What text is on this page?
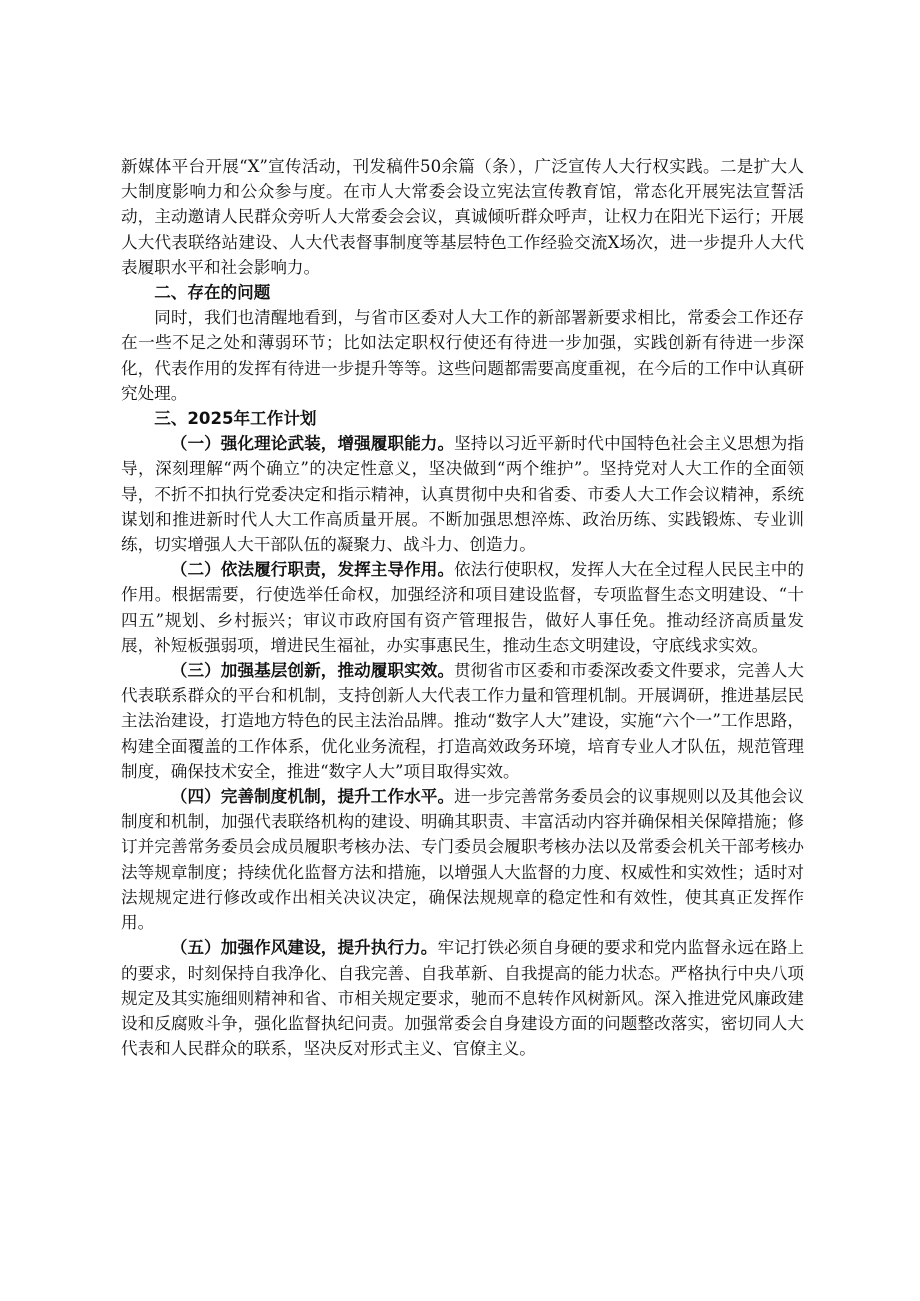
新媒体平台开展“X”宣传活动，刊发稿件50余篇（条），广泛宣传人大行权实践。二是扩大人大制度影响力和公众参与度。在市人大常委会设立宪法宣传教育馆，常态化开展宪法宣誓活动，主动邀请人民群众旁听人大常委会会议，真诚倾听群众呼声，让权力在阳光下运行；开展人大代表联络站建设、人大代表督事制度等基层特色工作经验交流X场次，进一步提升人大代表履职水平和社会影响力。

二、存在的问题

同时，我们也清醒地看到，与省市区委对人大工作的新部署新要求相比，常委会工作还存在一些不足之处和薄弱环节；比如法定职权行使还有待进一步加强，实践创新有待进一步深化，代表作用的发挥有待进一步提升等等。这些问题都需要高度重视，在今后的工作中认真研究处理。

三、2025年工作计划

（一）强化理论武装，增强履职能力。坚持以习近平新时代中国特色社会主义思想为指导，深刻理解“两个确立”的决定性意义，坚决做到“两个维护”。坚持党对人大工作的全面领导，不折不扣执行党委决定和指示精神，认真贯彻中央和省委、市委人大工作会议精神，系统谋划和推进新时代人大工作高质量开展。不断加强思想淬炼、政治历练、实践锻炼、专业训练，切实增强人大干部队伍的凝聚力、战斗力、创造力。

（二）依法履行职责，发挥主导作用。依法行使职权，发挥人大在全过程人民民主中的作用。根据需要，行使选举任命权，加强经济和项目建设监督，专项监督生态文明建设、“十四五”规划、乡村振兴；审议市政府国有资产管理报告，做好人事任免。推动经济高质量发展，补短板强弱项，增进民生福祉，办实事惠民生，推动生态文明建设，守底线求实效。

（三）加强基层创新，推动履职实效。贯彻省市区委和市委深改委文件要求，完善人大代表联系群众的平台和机制，支持创新人大代表工作力量和管理机制。开展调研，推进基层民主法治建设，打造地方特色的民主法治品牌。推动“数字人大”建设，实施“六个一”工作思路，构建全面覆盖的工作体系，优化业务流程，打造高效政务环境，培育专业人才队伍，规范管理制度，确保技术安全，推进“数字人大”项目取得实效。

（四）完善制度机制，提升工作水平。进一步完善常务委员会的议事规则以及其他会议制度和机制，加强代表联络机构的建设、明确其职责、丰富活动内容并确保相关保障措施；修订并完善常务委员会成员履职考核办法、专门委员会履职考核办法以及常委会机关干部考核办法等规章制度；持续优化监督方法和措施，以增强人大监督的力度、权威性和实效性；适时对法规规定进行修改或作出相关决议决定，确保法规规章的稳定性和有效性，使其真正发挥作用。

（五）加强作风建设，提升执行力。牢记打铁必须自身硬的要求和党内监督永远在路上的要求，时刻保持自我净化、自我完善、自我革新、自我提高的能力状态。严格执行中央八项规定及其实施细则精神和省、市相关规定要求，驰而不息转作风树新风。深入推进党风廉政建设和反腐败斗争，强化监督执纪问责。加强常委会自身建设方面的问题整改落实，密切同人大代表和人民群众的联系，坚决反对形式主义、官僚主义。
